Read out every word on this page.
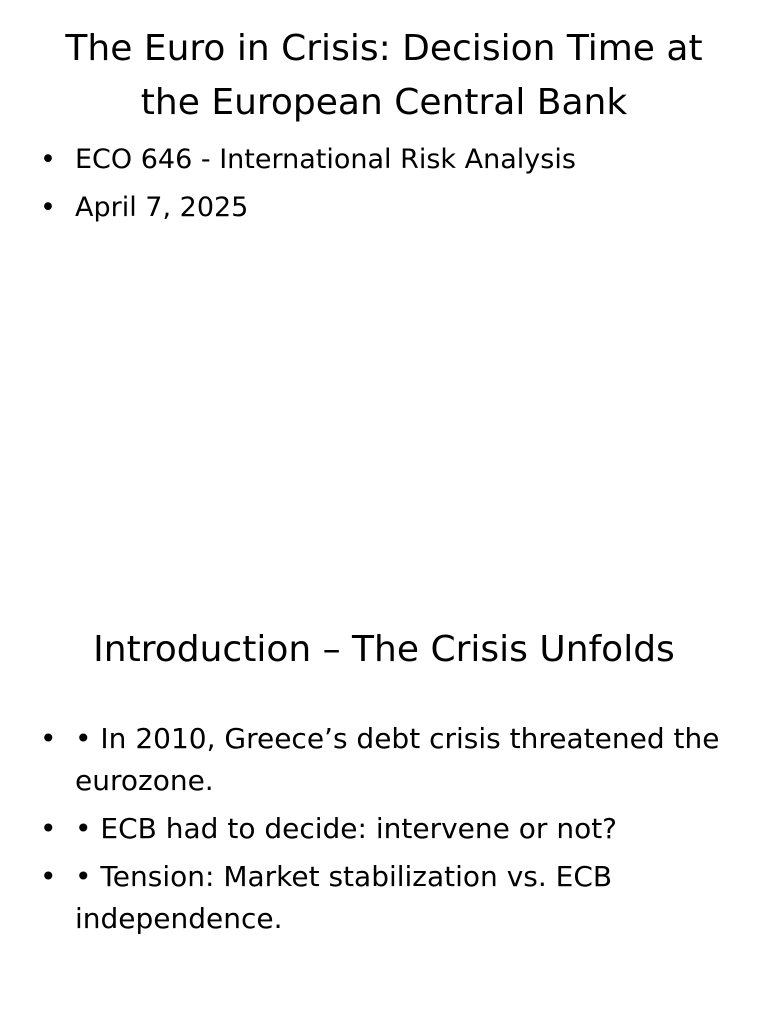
The Euro in Crisis: Decision Time at the European Central Bank
• ECO 646 - International Risk Analysis
• April 7, 2025
Introduction – The Crisis Unfolds
• • In 2010, Greece’s debt crisis threatened the eurozone.
• • ECB had to decide: intervene or not?
• • Tension: Market stabilization vs. ECB independence.
